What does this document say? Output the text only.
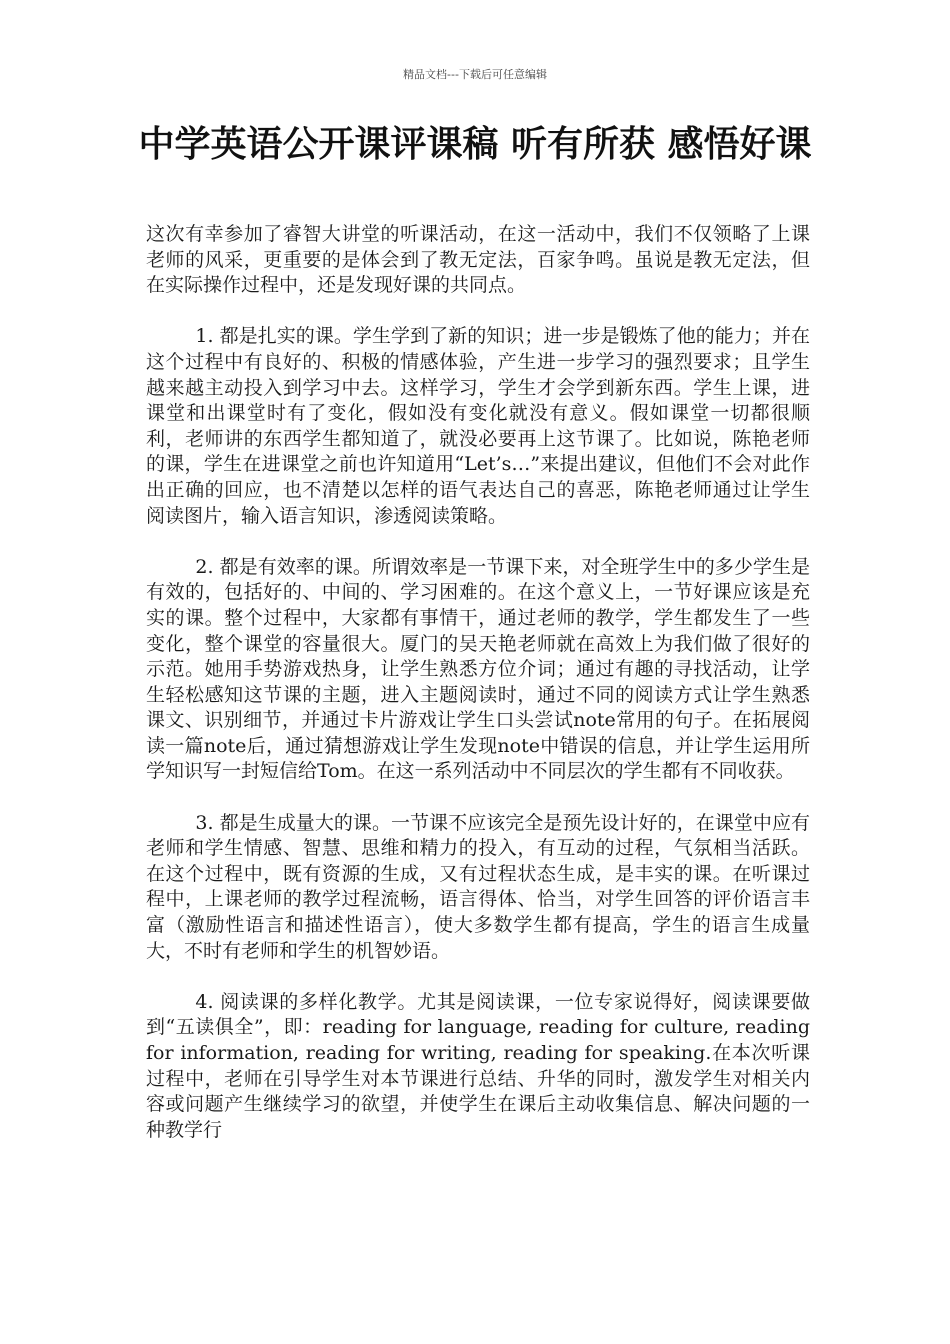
精品文档---下载后可任意编辑
中学英语公开课评课稿 听有所获 感悟好课

这次有幸参加了睿智大讲堂的听课活动，在这一活动中，我们不仅领略了上课老师的风采，更重要的是体会到了教无定法，百家争鸣。虽说是教无定法，但在实际操作过程中，还是发现好课的共同点。

1. 都是扎实的课。学生学到了新的知识；进一步是锻炼了他的能力；并在这个过程中有良好的、积极的情感体验，产生进一步学习的强烈要求；且学生越来越主动投入到学习中去。这样学习，学生才会学到新东西。学生上课，进课堂和出课堂时有了变化，假如没有变化就没有意义。假如课堂一切都很顺利，老师讲的东西学生都知道了，就没必要再上这节课了。比如说，陈艳老师的课，学生在进课堂之前也许知道用“Let’s…”来提出建议，但他们不会对此作出正确的回应，也不清楚以怎样的语气表达自己的喜恶，陈艳老师通过让学生阅读图片，输入语言知识，渗透阅读策略。

2. 都是有效率的课。所谓效率是一节课下来，对全班学生中的多少学生是有效的，包括好的、中间的、学习困难的。在这个意义上，一节好课应该是充实的课。整个过程中，大家都有事情干，通过老师的教学，学生都发生了一些变化，整个课堂的容量很大。厦门的吴天艳老师就在高效上为我们做了很好的示范。她用手势游戏热身，让学生熟悉方位介词；通过有趣的寻找活动，让学生轻松感知这节课的主题，进入主题阅读时，通过不同的阅读方式让学生熟悉课文、识别细节，并通过卡片游戏让学生口头尝试note常用的句子。在拓展阅读一篇note后，通过猜想游戏让学生发现note中错误的信息，并让学生运用所学知识写一封短信给Tom。在这一系列活动中不同层次的学生都有不同收获。

3. 都是生成量大的课。一节课不应该完全是预先设计好的，在课堂中应有老师和学生情感、智慧、思维和精力的投入，有互动的过程，气氛相当活跃。在这个过程中，既有资源的生成，又有过程状态生成，是丰实的课。在听课过程中，上课老师的教学过程流畅，语言得体、恰当，对学生回答的评价语言丰富（激励性语言和描述性语言），使大多数学生都有提高，学生的语言生成量大，不时有老师和学生的机智妙语。

4. 阅读课的多样化教学。尤其是阅读课，一位专家说得好，阅读课要做到“五读俱全”，即：reading for language, reading for culture, reading for information, reading for writing, reading for speaking.在本次听课过程中，老师在引导学生对本节课进行总结、升华的同时，激发学生对相关内容或问题产生继续学习的欲望，并使学生在课后主动收集信息、解决问题的一种教学行
